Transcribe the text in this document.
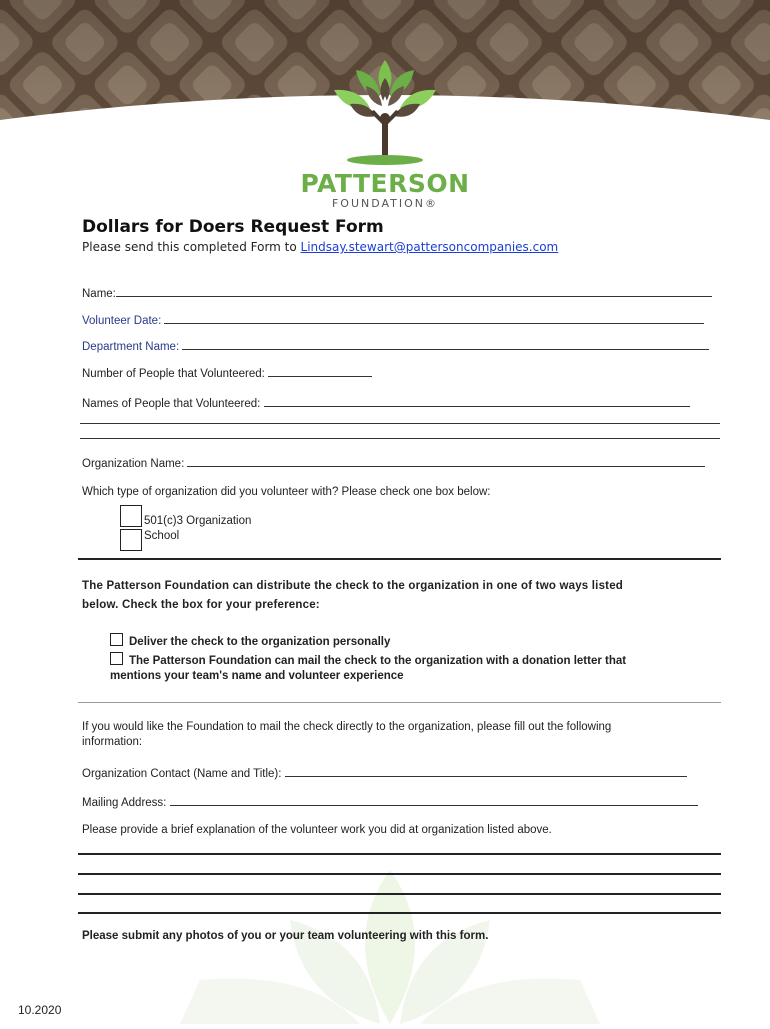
PATTERSON
FOUNDATION®
Dollars for Doers Request Form
Please send this completed Form to Lindsay.stewart@pattersoncompanies.com
Name:
Volunteer Date:
Department Name:
Number of People that Volunteered:
Names of People that Volunteered:
Organization Name:
Which type of organization did you volunteer with? Please check one box below:
501(c)3 Organization
School
The Patterson Foundation can distribute the check to the organization in one of two ways listed
below. Check the box for your preference:
Deliver the check to the organization personally
The Patterson Foundation can mail the check to the organization with a donation letter that
mentions your team's name and volunteer experience
If you would like the Foundation to mail the check directly to the organization, please fill out the following
information:
Organization Contact (Name and Title):
Mailing Address:
Please provide a brief explanation of the volunteer work you did at organization listed above.
Please submit any photos of you or your team volunteering with this form.
10.2020
